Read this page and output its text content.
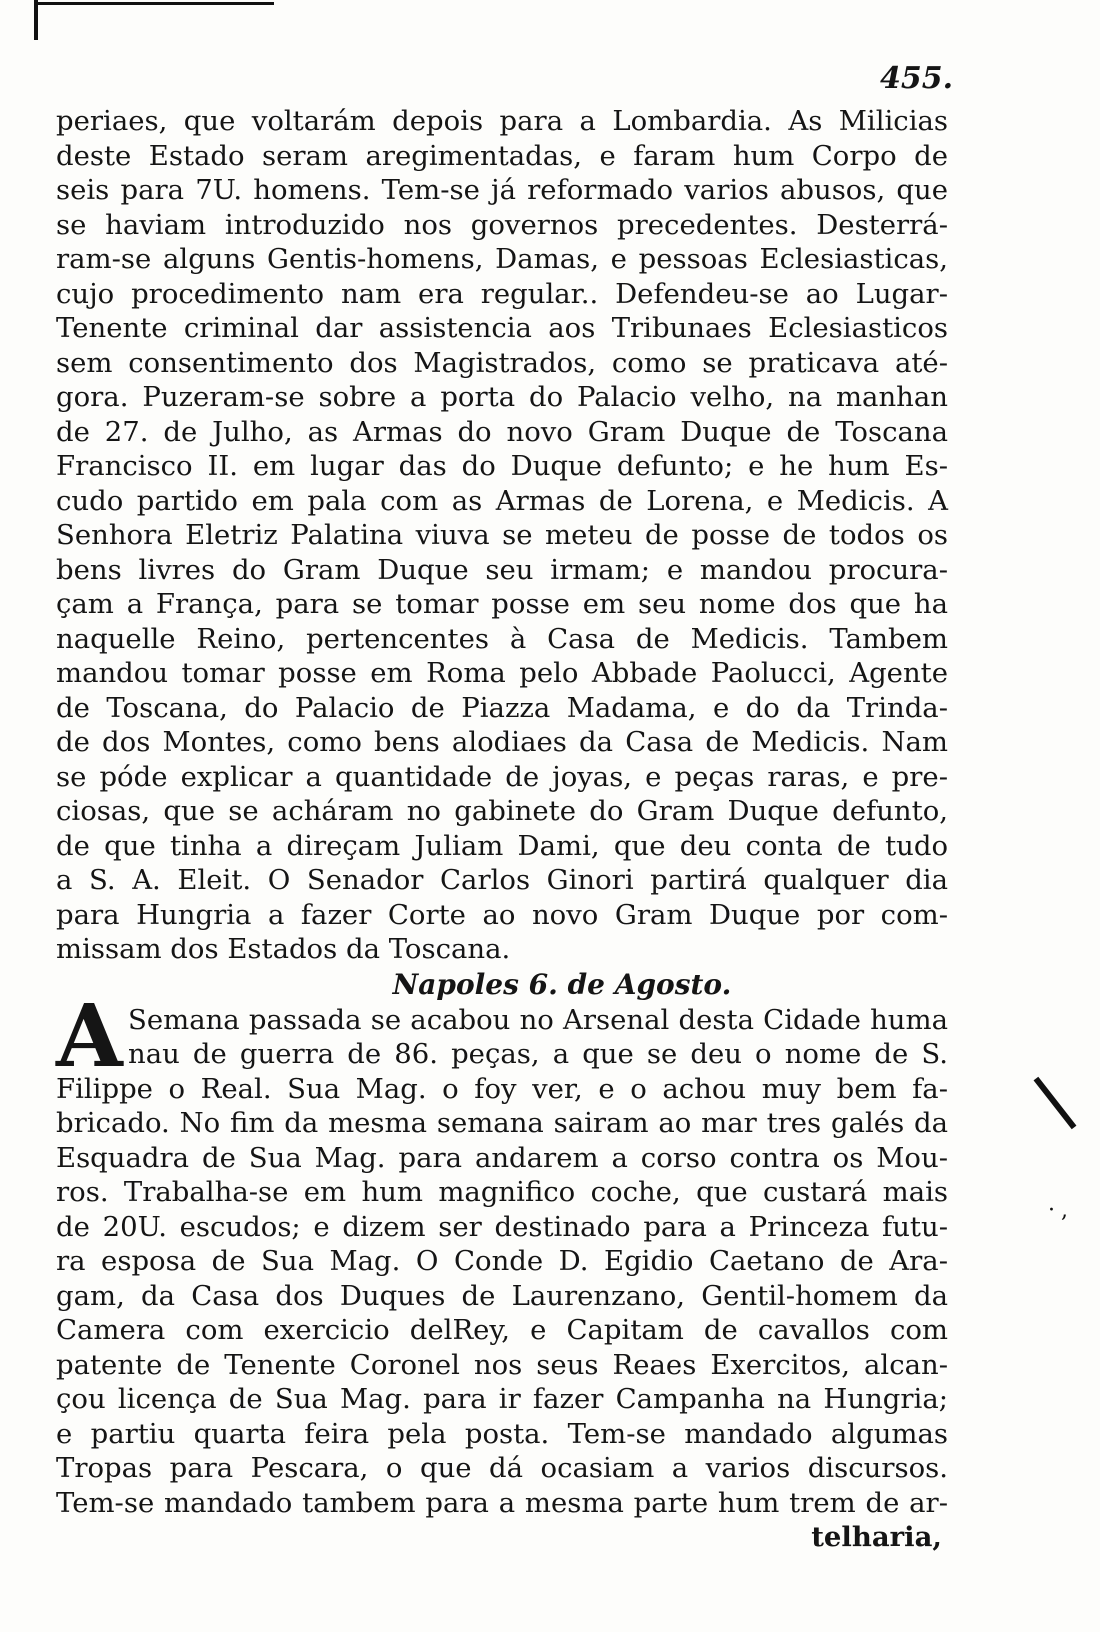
·,
455.
periaes, que voltarám depois para a Lombardia. As Milicias
deste Estado seram aregimentadas, e faram hum Corpo de
seis para 7U. homens. Tem-se já reformado varios abusos, que
se haviam introduzido nos governos precedentes. Desterrá-
ram-se alguns Gentis-homens, Damas, e pessoas Eclesiasticas,
cujo procedimento nam era regular.. Defendeu-se ao Lugar-
Tenente criminal dar assistencia aos Tribunaes Eclesiasticos
sem consentimento dos Magistrados, como se praticava até-
gora. Puzeram-se sobre a porta do Palacio velho, na manhan
de 27. de Julho, as Armas do novo Gram Duque de Toscana
Francisco II. em lugar das do Duque defunto; e he hum Es-
cudo partido em pala com as Armas de Lorena, e Medicis. A
Senhora Eletriz Palatina viuva se meteu de posse de todos os
bens livres do Gram Duque seu irmam; e mandou procura-
çam a França, para se tomar posse em seu nome dos que ha
naquelle Reino, pertencentes à Casa de Medicis. Tambem
mandou tomar posse em Roma pelo Abbade Paolucci, Agente
de Toscana, do Palacio de Piazza Madama, e do da Trinda-
de dos Montes, como bens alodiaes da Casa de Medicis. Nam
se póde explicar a quantidade de joyas, e peças raras, e pre-
ciosas, que se acháram no gabinete do Gram Duque defunto,
de que tinha a direçam Juliam Dami, que deu conta de tudo
a S. A. Eleit. O Senador Carlos Ginori partirá qualquer dia
para Hungria a fazer Corte ao novo Gram Duque por com-
missam dos Estados da Toscana.
Napoles 6. de Agosto.
A Semana passada se acabou no Arsenal desta Cidade huma
nau de guerra de 86. peças, a que se deu o nome de S.
Filippe o Real. Sua Mag. o foy ver, e o achou muy bem fa-
bricado. No fim da mesma semana sairam ao mar tres galés da
Esquadra de Sua Mag. para andarem a corso contra os Mou-
ros. Trabalha-se em hum magnifico coche, que custará mais
de 20U. escudos; e dizem ser destinado para a Princeza futu-
ra esposa de Sua Mag. O Conde D. Egidio Caetano de Ara-
gam, da Casa dos Duques de Laurenzano, Gentil-homem da
Camera com exercicio delRey, e Capitam de cavallos com
patente de Tenente Coronel nos seus Reaes Exercitos, alcan-
çou licença de Sua Mag. para ir fazer Campanha na Hungria;
e partiu quarta feira pela posta. Tem-se mandado algumas
Tropas para Pescara, o que dá ocasiam a varios discursos.
Tem-se mandado tambem para a mesma parte hum trem de ar-
telharia,
